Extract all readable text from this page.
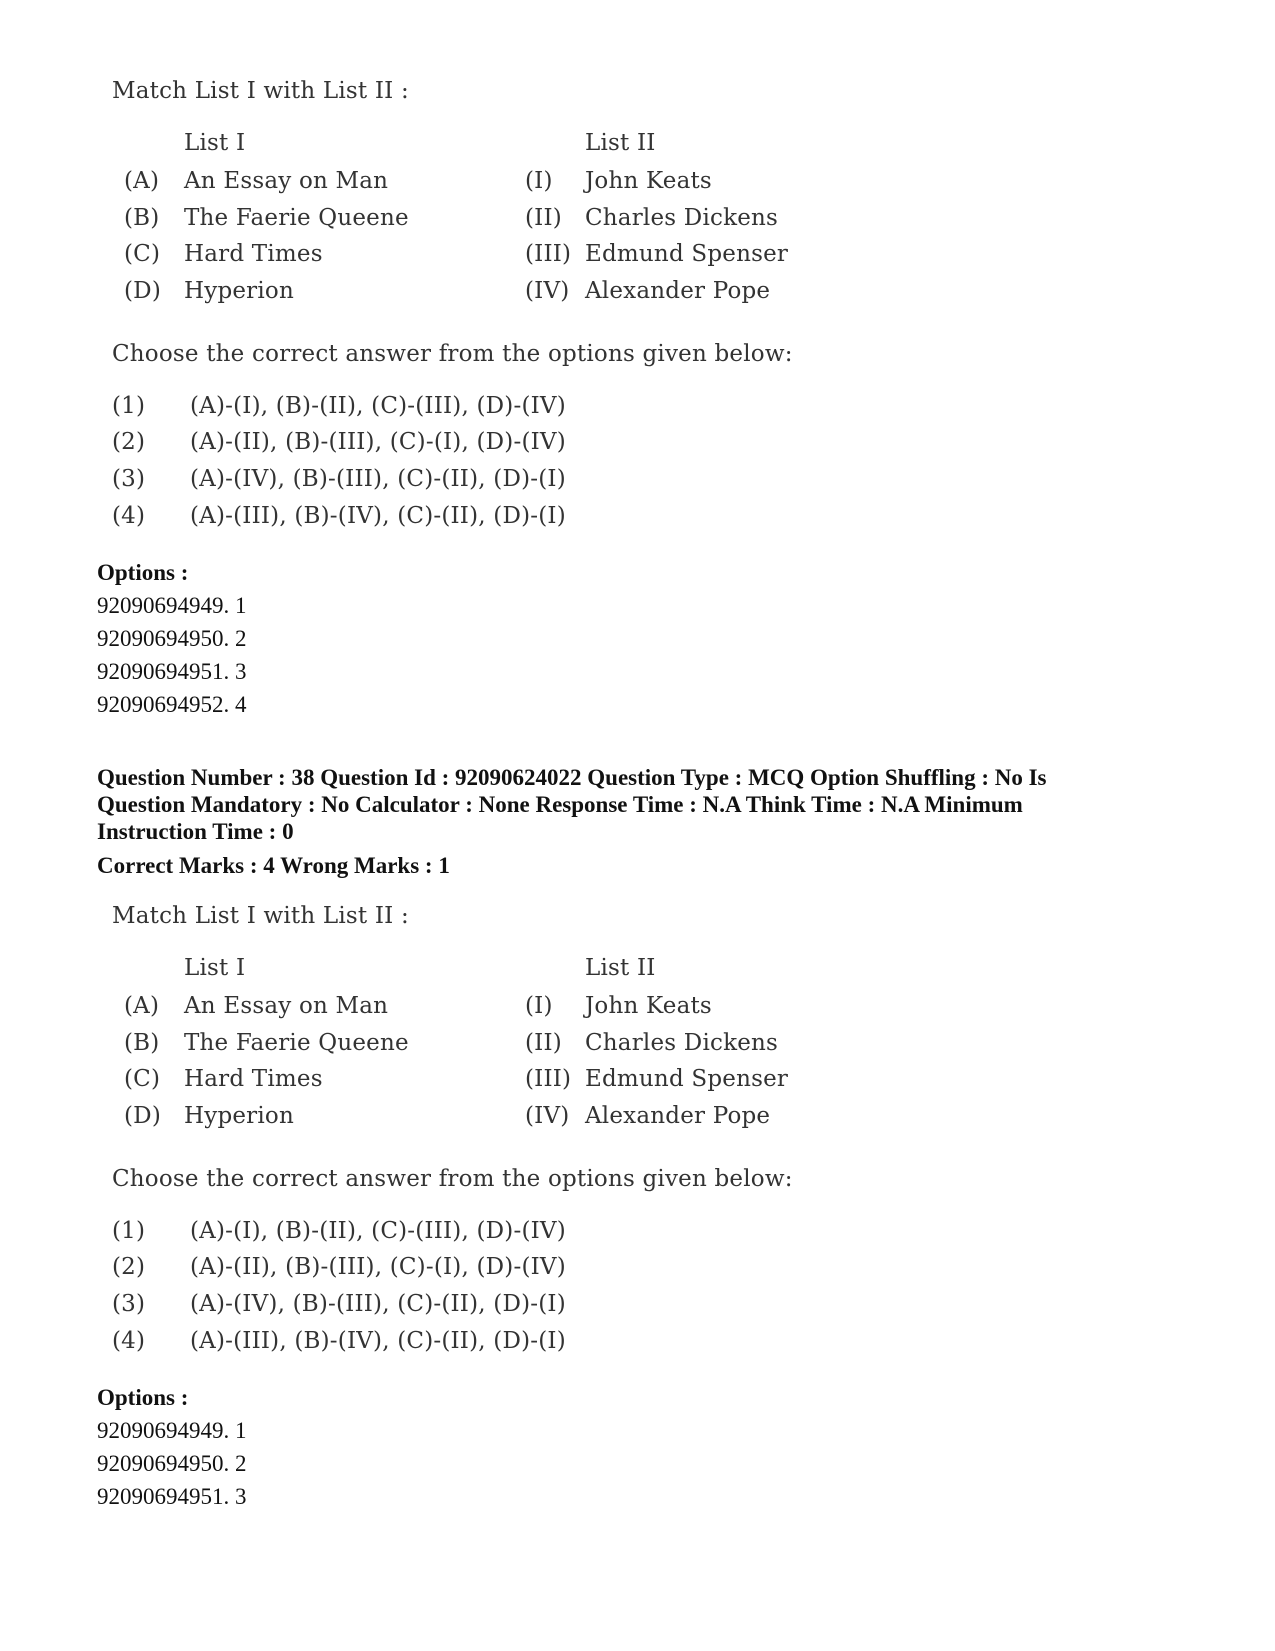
Match List I with List II :
List I	List II
(A) An Essay on Man	(I) John Keats
(B) The Faerie Queene	(II) Charles Dickens
(C) Hard Times	(III) Edmund Spenser
(D) Hyperion	(IV) Alexander Pope
Choose the correct answer from the options given below:
(1) (A)-(I), (B)-(II), (C)-(III), (D)-(IV)
(2) (A)-(II), (B)-(III), (C)-(I), (D)-(IV)
(3) (A)-(IV), (B)-(III), (C)-(II), (D)-(I)
(4) (A)-(III), (B)-(IV), (C)-(II), (D)-(I)
Options :
92090694949. 1
92090694950. 2
92090694951. 3
92090694952. 4
Question Number : 38 Question Id : 92090624022 Question Type : MCQ Option Shuffling : No Is
Question Mandatory : No Calculator : None Response Time : N.A Think Time : N.A Minimum
Instruction Time : 0
Correct Marks : 4 Wrong Marks : 1
Match List I with List II :
List I	List II
(A) An Essay on Man	(I) John Keats
(B) The Faerie Queene	(II) Charles Dickens
(C) Hard Times	(III) Edmund Spenser
(D) Hyperion	(IV) Alexander Pope
Choose the correct answer from the options given below:
(1) (A)-(I), (B)-(II), (C)-(III), (D)-(IV)
(2) (A)-(II), (B)-(III), (C)-(I), (D)-(IV)
(3) (A)-(IV), (B)-(III), (C)-(II), (D)-(I)
(4) (A)-(III), (B)-(IV), (C)-(II), (D)-(I)
Options :
92090694949. 1
92090694950. 2
92090694951. 3
